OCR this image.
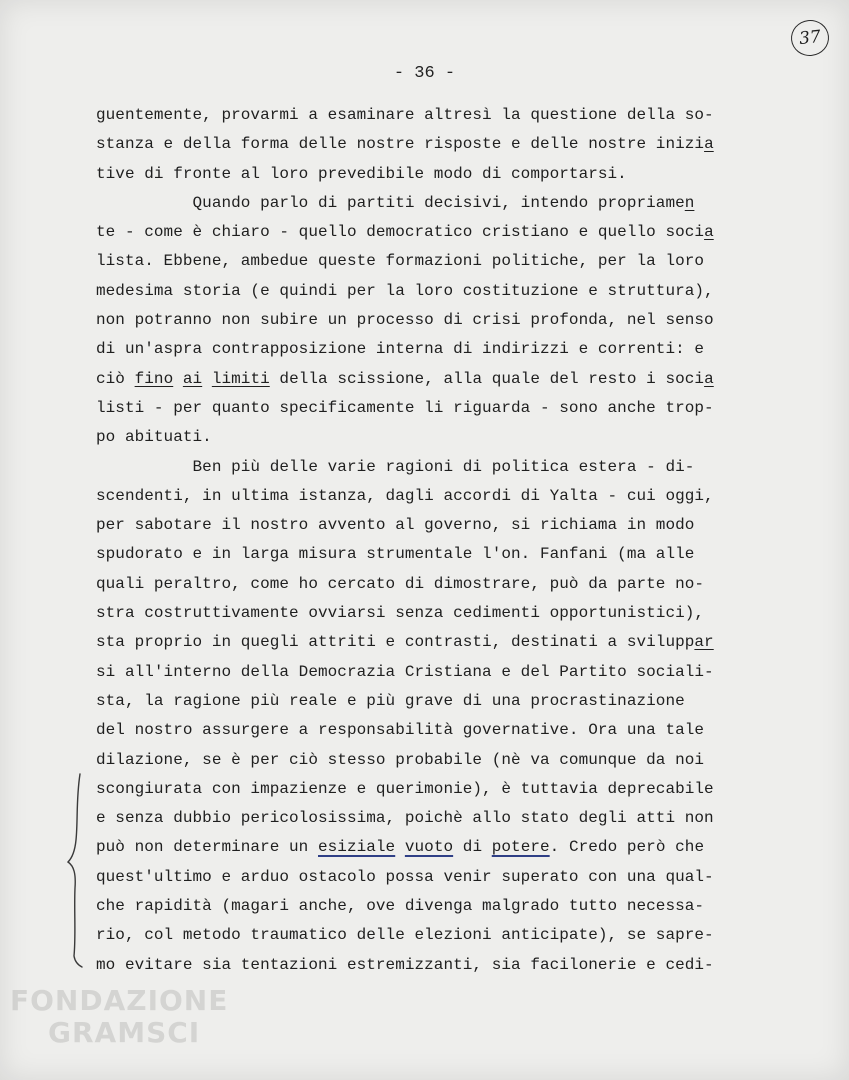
37
- 36 -
guentemente, provarmi a esaminare altresì la questione della so-
stanza e della forma delle nostre risposte e delle nostre inizia
tive di fronte al loro prevedibile modo di comportarsi.
Quando parlo di partiti decisivi, intendo propriamen
te - come è chiaro - quello democratico cristiano e quello socia
lista. Ebbene, ambedue queste formazioni politiche, per la loro
medesima storia (e quindi per la loro costituzione e struttura),
non potranno non subire un processo di crisi profonda, nel senso
di un'aspra contrapposizione interna di indirizzi e correnti: e
ciò fino ai limiti della scissione, alla quale del resto i socia
listi - per quanto specificamente li riguarda - sono anche trop-
po abituati.
Ben più delle varie ragioni di politica estera - di-
scendenti, in ultima istanza, dagli accordi di Yalta - cui oggi,
per sabotare il nostro avvento al governo, si richiama in modo
spudorato e in larga misura strumentale l'on. Fanfani (ma alle
quali peraltro, come ho cercato di dimostrare, può da parte no-
stra costruttivamente ovviarsi senza cedimenti opportunistici),
sta proprio in quegli attriti e contrasti, destinati a sviluppar
si all'interno della Democrazia Cristiana e del Partito sociali-
sta, la ragione più reale e più grave di una procrastinazione
del nostro assurgere a responsabilità governative. Ora una tale
dilazione, se è per ciò stesso probabile (nè va comunque da noi
scongiurata con impazienze e querimonie), è tuttavia deprecabile
e senza dubbio pericolosissima, poichè allo stato degli atti non
può non determinare un esiziale vuoto di potere. Credo però che
quest'ultimo e arduo ostacolo possa venir superato con una qual-
che rapidità (magari anche, ove divenga malgrado tutto necessa-
rio, col metodo traumatico delle elezioni anticipate), se sapre-
mo evitare sia tentazioni estremizzanti, sia facilonerie e cedi-
FONDAZIONE
GRAMSCI
